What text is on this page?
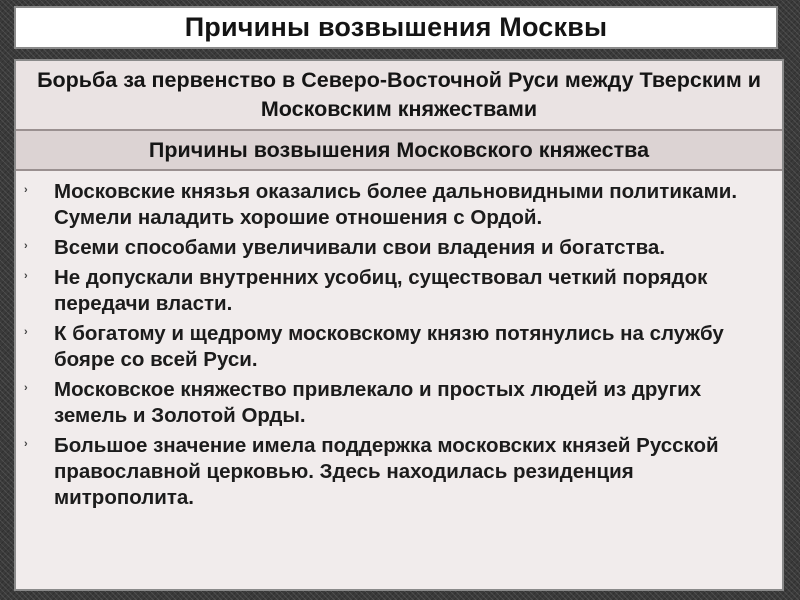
Причины возвышения Москвы
Борьба за первенство в Северо-Восточной Руси между Тверским и Московским княжествами
Причины возвышения Московского княжества
› Московские князья оказались более дальновидными политиками. Сумели наладить хорошие отношения с Ордой.
› Всеми способами увеличивали свои владения и богатства.
› Не допускали внутренних усобиц, существовал четкий порядок передачи власти.
› К богатому и щедрому московскому князю потянулись на службу бояре со всей Руси.
› Московское княжество привлекало и простых людей из других земель и Золотой Орды.
› Большое значение имела поддержка московских князей Русской православной церковью. Здесь находилась резиденция митрополита.
